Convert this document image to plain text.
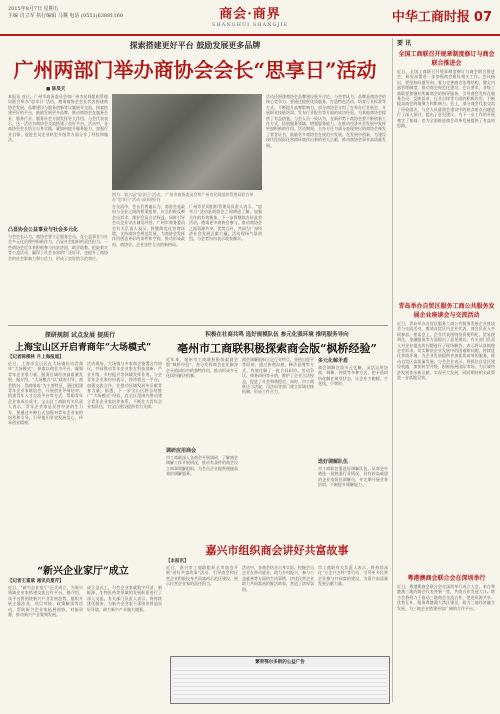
2015年8月7日 星期五
主编 肖立军 执行编辑 马骥 电话 (0551)63881160	商会·商界
SHANGHUI SHANGJIE	中华工商时报 07
探索搭建更好平台 鼓励发展更多品牌
广州两部门举办商协会会长“思享日”活动
■ 陈昊天
本报讯 近日，广州市商务委员会和广州市民间组织管理局联合举办“思享日”活动，邀请商协会会长代表围绕商协会发展、品牌建设与服务创新等议题展开交流，探索搭建更好的平台，鼓励发展更多品牌，推动商协会在服务企业、服务行业、服务社会方面发挥更大作用。与会代表表示，这一活动为商协会交流搭建了良好平台。活动中，各商协会会长结合自身实践，就如何提升服务能力、加强行业自律、促进会员企业转型升级等方面分享了经验和做法。
凸显协会公益事业与社会多元化
与会会长认为，商协会要立足服务会员，在公益事业与社会多元化治理中积极作为，凸显社会组织的责任担当。一些商协会近年来积极参与扶贫济困、助学助教、抢险救灾等公益活动，赢得了社会各界的广泛好评，也提升了商协会的社会影响力和公信力，形成了良好的示范效应。
图为：第六届“思享日”活动。 广州市商务委员会和广州市民间组织管理局联合举办“思享日”活动 (资料图片)
在交流中，会长们普遍认为，商协会是政府与企业之间的桥梁纽带，应当积极反映会员诉求，维护会员合法权益，同时引导会员企业守法诚信经营。广州市商务委员会有关负责人表示，将继续优化营商环境，支持商协会规范发展，为商协会发挥作用创造更好的条件和空间，推动形成政府、商协会、企业良性互动的新格局。
广州市民间组织管理局负责人表示，“思享日”活动是商协会之间增进了解、加强合作的有效载体，下一步将继续办好此类活动，邀请更多商协会参与，推动商协会之间资源共享、优势互补，共同为广州经济社会发展贡献力量。活动现场气氛热烈，与会者纷纷表示收获颇丰。
活动还围绕商协会品牌建设展开讨论。与会者认为，品牌是商协会的核心竞争力，要通过提供优质服务、打造特色活动、培育行业标准等方式，不断提升品牌影响力。部分商协会介绍了在举办行业展会、开展职业技能培训、发布行业报告等方面的成功经验，为其他商协会提供了有益借鉴。与会人员一致认为，在新形势下商协会要不断创新工作方式，拓展服务领域，增强服务能力，在推动经济社会发展中发挥更加积极的作用。活动期间，主办方还为部分表现突出的商协会颁发了荣誉证书，鼓励更多商协会在规范中发展、在发展中创新，为建设现代化国际化营商环境作出新的更大贡献，推动商协会事业高质量发展。
探研规制 试点发展 提质行
上海宝山区开启青商年“大场模式”
【记者陈樑林 月上海报道】
近日，上海市宝山区在大场镇启动青商年“大场模式”，探索以商会为平台，凝聚青年企业家力量，服务区域经济高质量发展。据介绍，“大场模式”以“政府引导、商会搭台、青商唱戏”为主要特征，通过组建青年企业家联谊会、开展创业导师结对、搭建青年人才交流平台等方式，帮助青年企业家成长成才。宝山区工商联有关负责人表示，青年企业家是民营经济的生力军，要通过多种方式加强对青年企业家的培养和引导，引导他们坚定发展信心，传承创业精神。
活动现场，大场镇与多家商会签署合作协议，共同推动青年企业家在科技创新、产业升级、乡村振兴等领域发挥作用。与会青年企业家纷纷表示，将珍惜这一平台，加强交流合作，在推动区域发展中贡献青春力量。据悉，下一步宝山区将总结推广“大场模式”经验，在全区范围内推动建立青年企业家培养体系，不断壮大青年企业家队伍，为宝山建设提供有力支撑。
“新兴企业家厅”成立
【记者王富斌 通讯员夏芹】
近日，“新兴企业家厅”正式成立，为新兴领域企业家搭建交流合作平台。据介绍，该平台将围绕新兴产业发展趋势，组织开展主题沙龙、项目对接、政策解读等活动，帮助新兴企业家拓展视野、对接资源，推动新兴产业集聚发展。
成立仪式上，与会企业家就数字经济、新能源、生物医药等领域的发展前景进行了深入交流。有关部门负责人表示，将持续优化服务，为新兴企业家干事创业营造良好环境，助力新兴产业做大做强。
积极在社商共鸣 选好规模队伍 参元化强环境 推明服务导向
亳州市工商联积极探索商会版“枫桥经验”
近年来，亳州市工商联积极探索商会版“枫桥经验”，充分发挥商会在化解涉企矛盾纠纷中的独特作用，推动形成多元化纠纷解决机制。
调研应用商会
市工商联深入各商会开展调研，了解商会调解工作开展情况，推动有条件的商会设立商事调解组织，为会员企业提供便捷高效的调解服务。
商会调解组织立足行业特点，坚持自愿平等原则，通过协商沟通、释法说理等方式，有效化解了一批合同纠纷、劳动争议、债务纠纷等矛盾，维护了企业合法权益，促进了社会和谐稳定。同时，市工商联还与法院、司法局等部门建立诉调对接机制，形成工作合力。
多元化解矛盾
商会调解注重多元化解，灵活运用协商、调解、仲裁等多种方式，把矛盾纠纷化解在萌芽状态，让企业少跑腿、少花钱、少费时。
选好调解队伍
市工商联注重选好调解队伍，从商会中遴选一批熟悉行业情况、具有较高威望的企业家担任调解员，并定期开展业务培训，不断提升调解能力。
嘉兴市组织商会讲好共富故事
【本报讯】
近日，嘉兴市工商联组织全市商会开展“讲好共富故事”活动，引导商会和民营企业积极投身共同富裕示范区建设，展示民营企业家的责任担当。
活动中，各商会结合自身实际，挖掘会员企业在带动就业、助力乡村振兴、参与公益慈善等方面的生动事例，讲述民营企业助力共同富裕的鲜活故事，营造了浓厚氛围。
市工商联有关负责人表示，将持续深化“万企兴万村”等行动，引导更多民营企业参与共同富裕建设，为嘉兴高质量发展贡献力量。
繁荣鄂尔多斯的公益广告
要 讯
全国工商联召开规章制度修订与商会联合推进会
近日，全国工商联召开规章制度修订与商会联合推进会，研究部署进一步加强商会建设相关工作。会议指出，要坚持问题导向，着力完善商会治理结构，健全内部管理制度，推动商会规范化建设。会议要求，各级工商联要加强对所属商会的指导服务，引导商会发挥在服务会员、反映诉求、行业自律等方面的积极作用，不断提高商会的凝聚力和影响力。会上，部分商会代表交流了经验做法，与会人员就商会建设中的热点难点问题进行了深入探讨，提出了意见建议，为下一步工作的开展奠定了基础，也为全面推进商会改革发展提供了有益的思路。
青岛举办自贸区服务工商公共服务发展企业座谈会与交流活动
近日，青岛举办自贸区服务工商公共服务发展企业座谈会与交流活动，邀请自贸区内企业代表、商会负责人共同参加。座谈会上，企业代表围绕投资便利化、贸易便利化、金融服务等方面提出了意见建议。有关部门负责人对企业提出的问题进行了现场解答，表示将认真梳理企业诉求，切实解决企业发展中的困难和问题，持续优化营商环境，为企业发展提供更加优质高效的服务，推动自贸区高质量发展。与会企业表示，将抓住自贸区建设机遇，加快转型升级，积极拓展国际市场，为区域经济发展作出新贡献，实现更大发展，同时期待相关政策进一步落地见效。
粤港澳商会联合会在深圳举行
近日，粤港澳商会联合会在深圳举行成立大会，来自粤港澳三地的商会代表齐聚一堂，共商合作发展大计。联合会将致力于推动三地商会交流合作，促进资源共享、优势互补，服务粤港澳大湾区建设，助力三地经济融合发展，为三地企业搭建更加广阔的合作平台。
